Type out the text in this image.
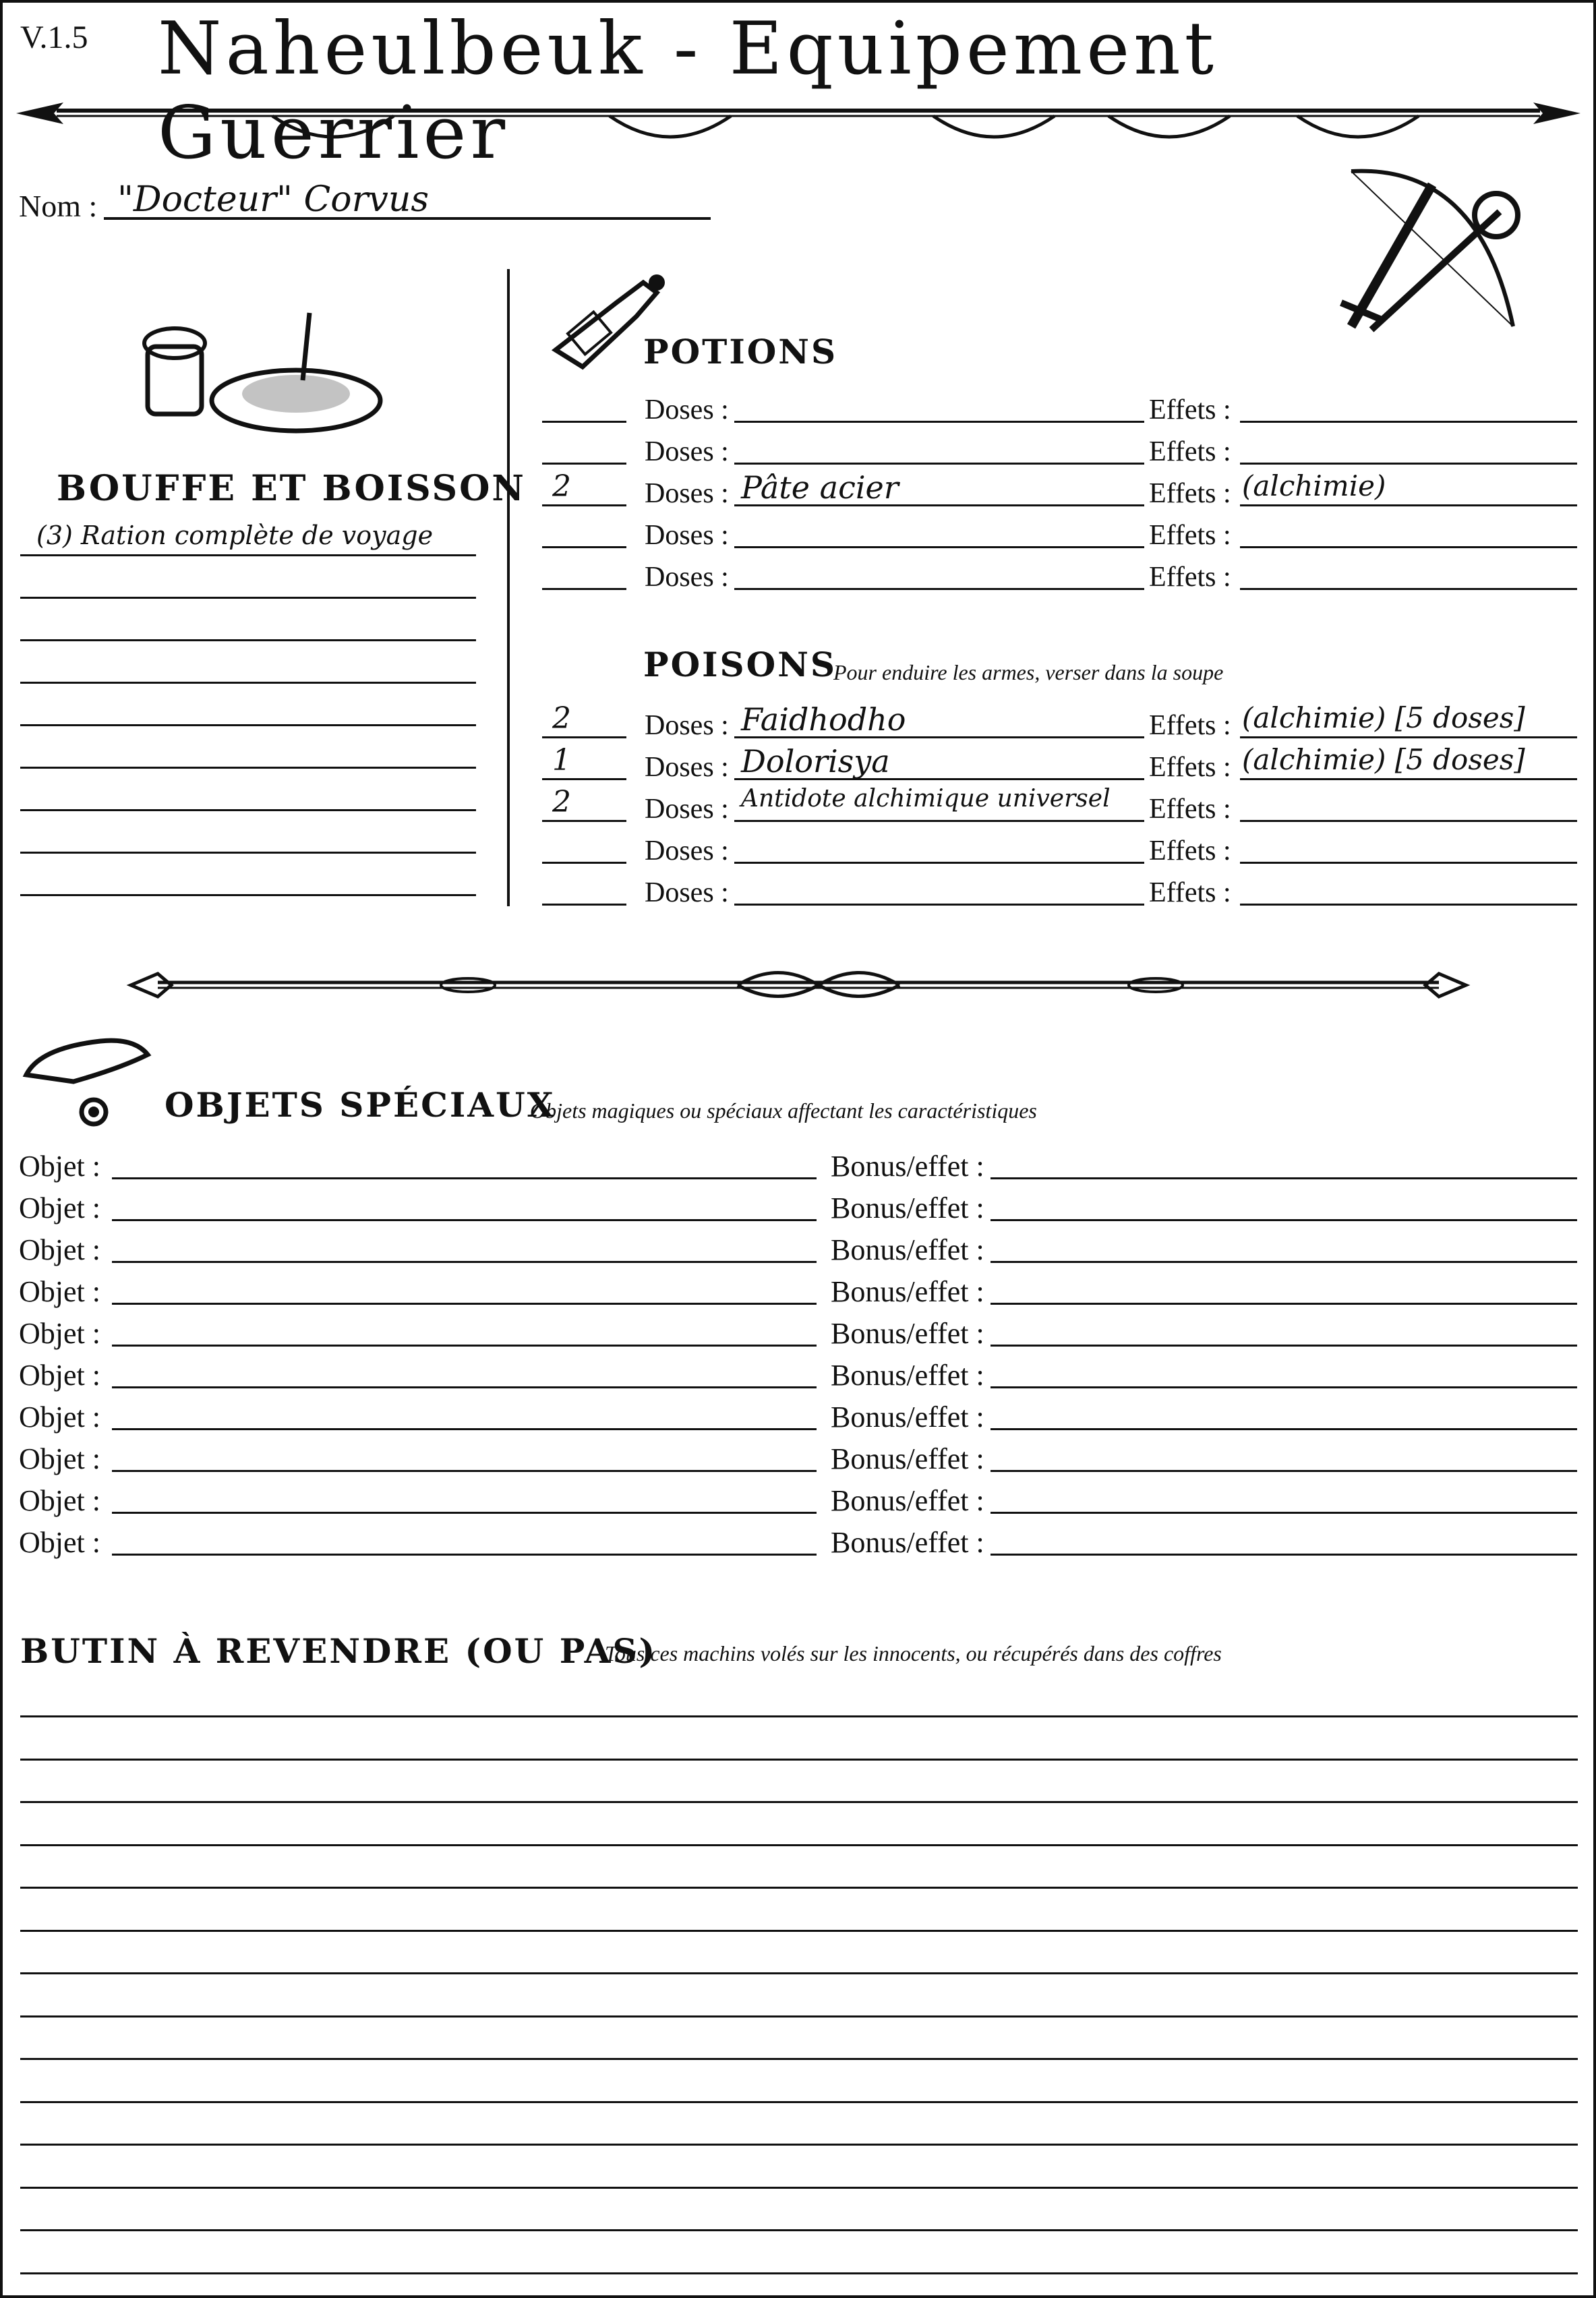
V.1.5 Naheulbeuk - Equipement Guerrier
Nom : "Docteur" Corvus
BOUFFE ET BOISSON
(3) Ration complète de voyage
POTIONS
Doses :	Effets :
Doses :	Effets :
2	Doses : Pâte acier	Effets : (alchimie)
Doses :	Effets :
Doses :	Effets :
POISONS
Pour enduire les armes, verser dans la soupe
2	Doses : Faidhodho	Effets : (alchimie) [5 doses]
1	Doses : Dolorisya	Effets : (alchimie) [5 doses]
2	Doses : Antidote alchimique universel Effets :
Doses :	Effets :
Doses :	Effets :
OBJETS SPÉCIAUX
Objets magiques ou spéciaux affectant les caractéristiques
Objet :	Bonus/effet :
Objet :	Bonus/effet :
Objet :	Bonus/effet :
Objet :	Bonus/effet :
Objet :	Bonus/effet :
Objet :	Bonus/effet :
Objet :	Bonus/effet :
Objet :	Bonus/effet :
Objet :	Bonus/effet :
Objet :	Bonus/effet :
BUTIN À REVENDRE (OU PAS)
Tous ces machins volés sur les innocents, ou récupérés dans des coffres
